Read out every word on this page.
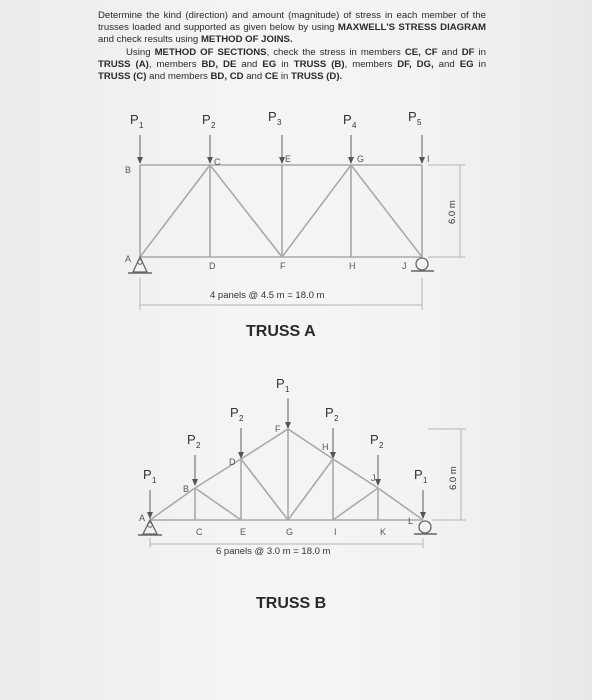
Determine the kind (direction) and amount (magnitude) of stress in each member of the trusses loaded and supported as given below by using MAXWELL'S STRESS DIAGRAM and check results using METHOD OF JOINS.

Using METHOD OF SECTIONS, check the stress in members CE, CF and DF in TRUSS (A), members BD, DE and EG in TRUSS (B), members DF, DG, and EG in TRUSS (C) and members BD, CD and CE in TRUSS (D).

P 1	P 2
P 3	P 4
P 5
B
A
C
D
E
F
G
H
I
J
4 panels @ 4.5 m = 18.0 m
6.0 m
TRUSS A
P 1
P 2
P 2
P 1
P 2
P 2
P 1
A
B
C
D
E
F
G
H
I
J
K
L
6 panels @ 3.0 m = 18.0 m
6.0 m
TRUSS B
